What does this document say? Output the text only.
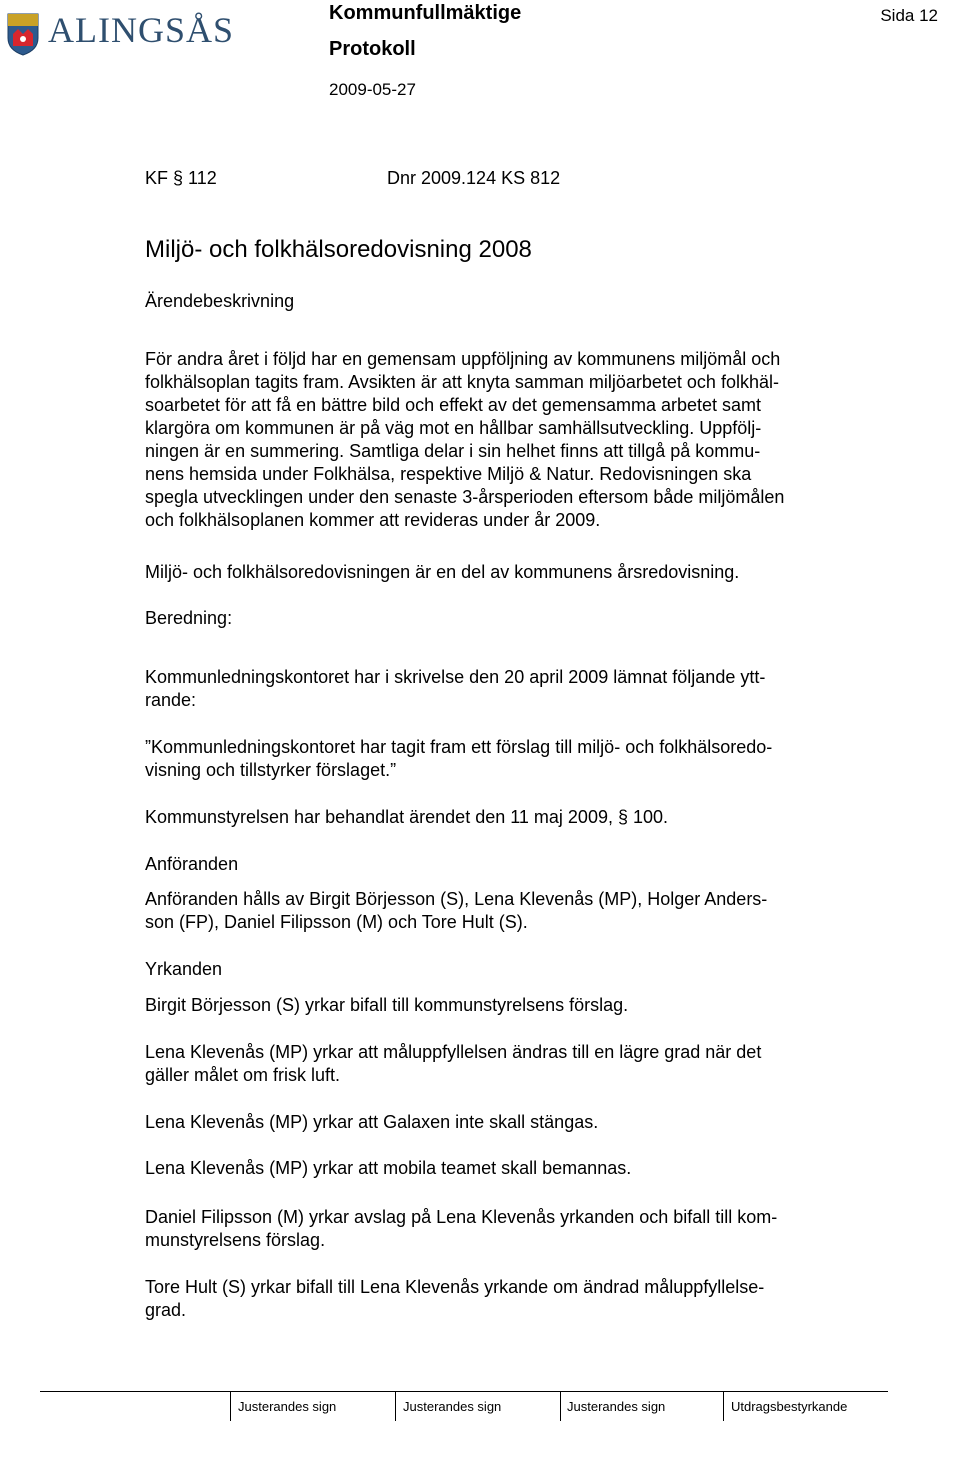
ALINGSÅS	Kommunfullmäktige
Protokoll
2009-05-27
Sida 12
KF § 112	Dnr 2009.124 KS 812
Miljö- och folkhälsoredovisning 2008
Ärendebeskrivning
För andra året i följd har en gemensam uppföljning av kommunens miljömål och
folkhälsoplan tagits fram. Avsikten är att knyta samman miljöarbetet och folkhäl-
soarbetet för att få en bättre bild och effekt av det gemensamma arbetet samt
klargöra om kommunen är på väg mot en hållbar samhällsutveckling. Uppfölj-
ningen är en summering. Samtliga delar i sin helhet finns att tillgå på kommu-
nens hemsida under Folkhälsa, respektive Miljö & Natur. Redovisningen ska
spegla utvecklingen under den senaste 3-årsperioden eftersom både miljömålen
och folkhälsoplanen kommer att revideras under år 2009.
Miljö- och folkhälsoredovisningen är en del av kommunens årsredovisning.
Beredning:
Kommunledningskontoret har i skrivelse den 20 april 2009 lämnat följande ytt-
rande:
”Kommunledningskontoret har tagit fram ett förslag till miljö- och folkhälsoredo-
visning och tillstyrker förslaget.”
Kommunstyrelsen har behandlat ärendet den 11 maj 2009, § 100.
Anföranden
Anföranden hålls av Birgit Börjesson (S), Lena Klevenås (MP), Holger Anders-
son (FP), Daniel Filipsson (M) och Tore Hult (S).
Yrkanden
Birgit Börjesson (S) yrkar bifall till kommunstyrelsens förslag.
Lena Klevenås (MP) yrkar att måluppfyllelsen ändras till en lägre grad när det
gäller målet om frisk luft.
Lena Klevenås (MP) yrkar att Galaxen inte skall stängas.
Lena Klevenås (MP) yrkar att mobila teamet skall bemannas.
Daniel Filipsson (M) yrkar avslag på Lena Klevenås yrkanden och bifall till kom-
munstyrelsens förslag.
Tore Hult (S) yrkar bifall till Lena Klevenås yrkande om ändrad måluppfyllelse-
grad.
Justerandes sign	Justerandes sign	Justerandes sign	Utdragsbestyrkande
